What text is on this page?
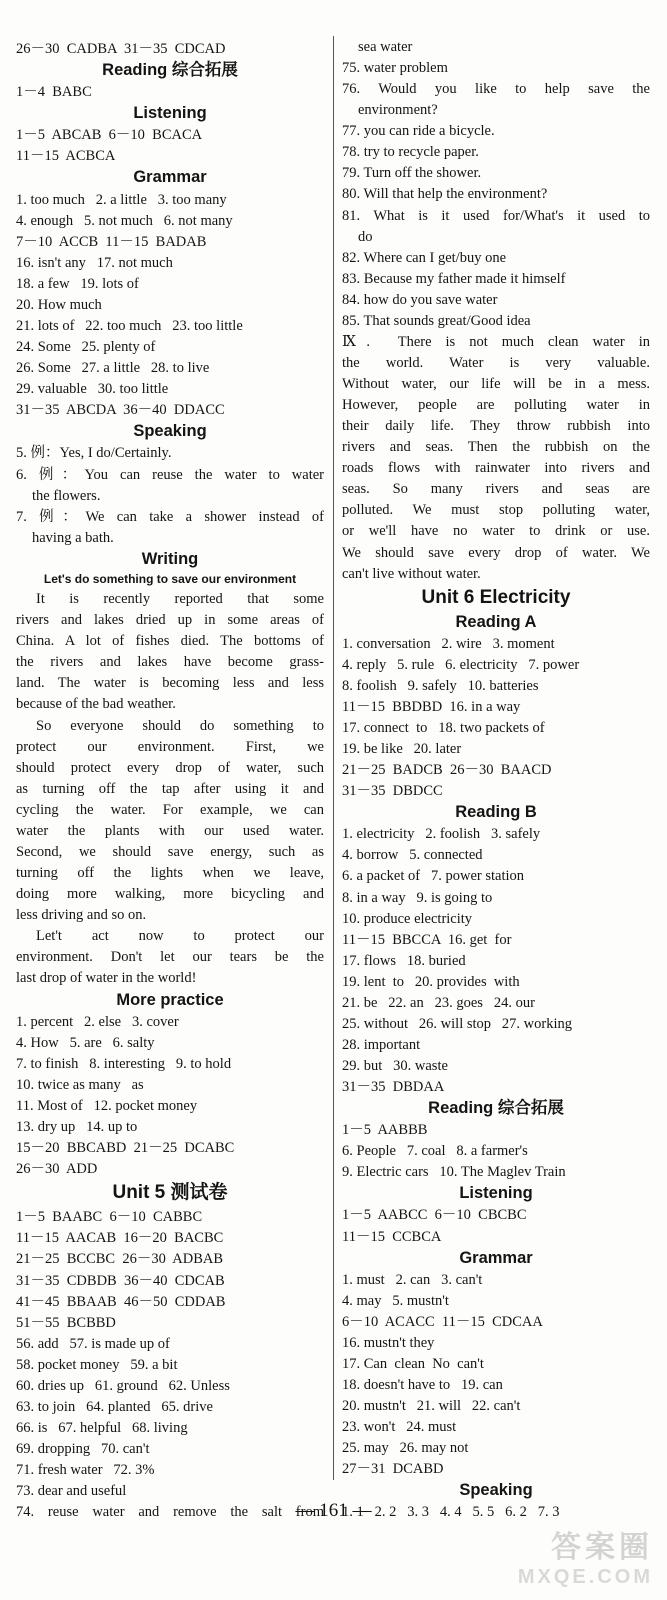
26－30  CADBA  31－35  CDCAD
Reading 综合拓展
1－4  BABC
Listening
1－5  ABCAB  6－10  BCACA
11－15  ACBCA
Grammar
1. too much   2. a little   3. too many
4. enough   5. not much   6. not many
7－10  ACCB  11－15  BADAB
16. isn't any   17. not much
18. a few   19. lots of
20. How much
21. lots of   22. too much   23. too little
24. Some   25. plenty of
26. Some   27. a little   28. to live
29. valuable   30. too little
31－35  ABCDA  36－40  DDACC
Speaking
5. 例：Yes, I do/Certainly.
6. 例：You can reuse the water to water
the flowers.
7. 例：We can take a shower instead of
having a bath.
Writing
Let's do something to save our environment
It is recently reported that some
rivers and lakes dried up in some areas of
China. A lot of fishes died. The bottoms of
the rivers and lakes have become grass-
land. The water is becoming less and less
because of the bad weather.
So everyone should do something to
protect our environment. First, we
should protect every drop of water, such
as turning off the tap after using it and
cycling the water. For example, we can
water the plants with our used water.
Second, we should save energy, such as
turning off the lights when we leave,
doing more walking, more bicycling and
less driving and so on.
Let't act now to protect our
environment. Don't let our tears be the
last drop of water in the world!
More practice
1. percent   2. else   3. cover
4. How   5. are   6. salty
7. to finish   8. interesting   9. to hold
10. twice as many   as
11. Most of   12. pocket money
13. dry up   14. up to
15－20  BBCABD  21－25  DCABC
26－30  ADD
Unit 5 测试卷
1－5  BAABC  6－10  CABBC
11－15  AACAB  16－20  BACBC
21－25  BCCBC  26－30  ADBAB
31－35  CDBDB  36－40  CDCAB
41－45  BBAAB  46－50  CDDAB
51－55  BCBBD
56. add   57. is made up of
58. pocket money   59. a bit
60. dries up   61. ground   62. Unless
63. to join   64. planted   65. drive
66. is   67. helpful   68. living
69. dropping   70. can't
71. fresh water   72. 3%
73. dear and useful
74. reuse water and remove the salt from
sea water
75. water problem
76. Would you like to help save the
environment?
77. you can ride a bicycle.
78. try to recycle paper.
79. Turn off the shower.
80. Will that help the environment?
81. What is it used for/What's it used to
do
82. Where can I get/buy one
83. Because my father made it himself
84. how do you save water
85. That sounds great/Good idea
Ⅸ.  There is not much clean water in
the world. Water is very valuable.
Without water, our life will be in a mess.
However, people are polluting water in
their daily life. They throw rubbish into
rivers and seas. Then the rubbish on the
roads flows with rainwater into rivers and
seas. So many rivers and seas are
polluted. We must stop polluting water,
or we'll have no water to drink or use.
We should save every drop of water. We
can't live without water.
Unit 6 Electricity
Reading A
1. conversation   2. wire   3. moment
4. reply   5. rule   6. electricity   7. power
8. foolish   9. safely   10. batteries
11－15  BBDBD  16. in a way
17. connect  to   18. two packets of
19. be like   20. later
21－25  BADCB  26－30  BAACD
31－35  DBDCC
Reading B
1. electricity   2. foolish   3. safely
4. borrow   5. connected
6. a packet of   7. power station
8. in a way   9. is going to
10. produce electricity
11－15  BBCCA  16. get  for
17. flows   18. buried
19. lent  to   20. provides  with
21. be   22. an   23. goes   24. our
25. without   26. will stop   27. working
28. important
29. but   30. waste
31－35  DBDAA
Reading 综合拓展
1－5  AABBB
6. People   7. coal   8. a farmer's
9. Electric cars   10. The Maglev Train
Listening
1－5  AABCC  6－10  CBCBC
11－15  CCBCA
Grammar
1. must   2. can   3. can't
4. may   5. mustn't
6－10  ACACC  11－15  CDCAA
16. mustn't they
17. Can  clean  No  can't
18. doesn't have to   19. can
20. mustn't   21. will   22. can't
23. won't   24. must
25. may   26. may not
27－31  DCABD
Speaking
1. 1   2. 2   3. 3   4. 4   5. 5   6. 2   7. 3
— 161 —
答案圈
MXQE.COM
